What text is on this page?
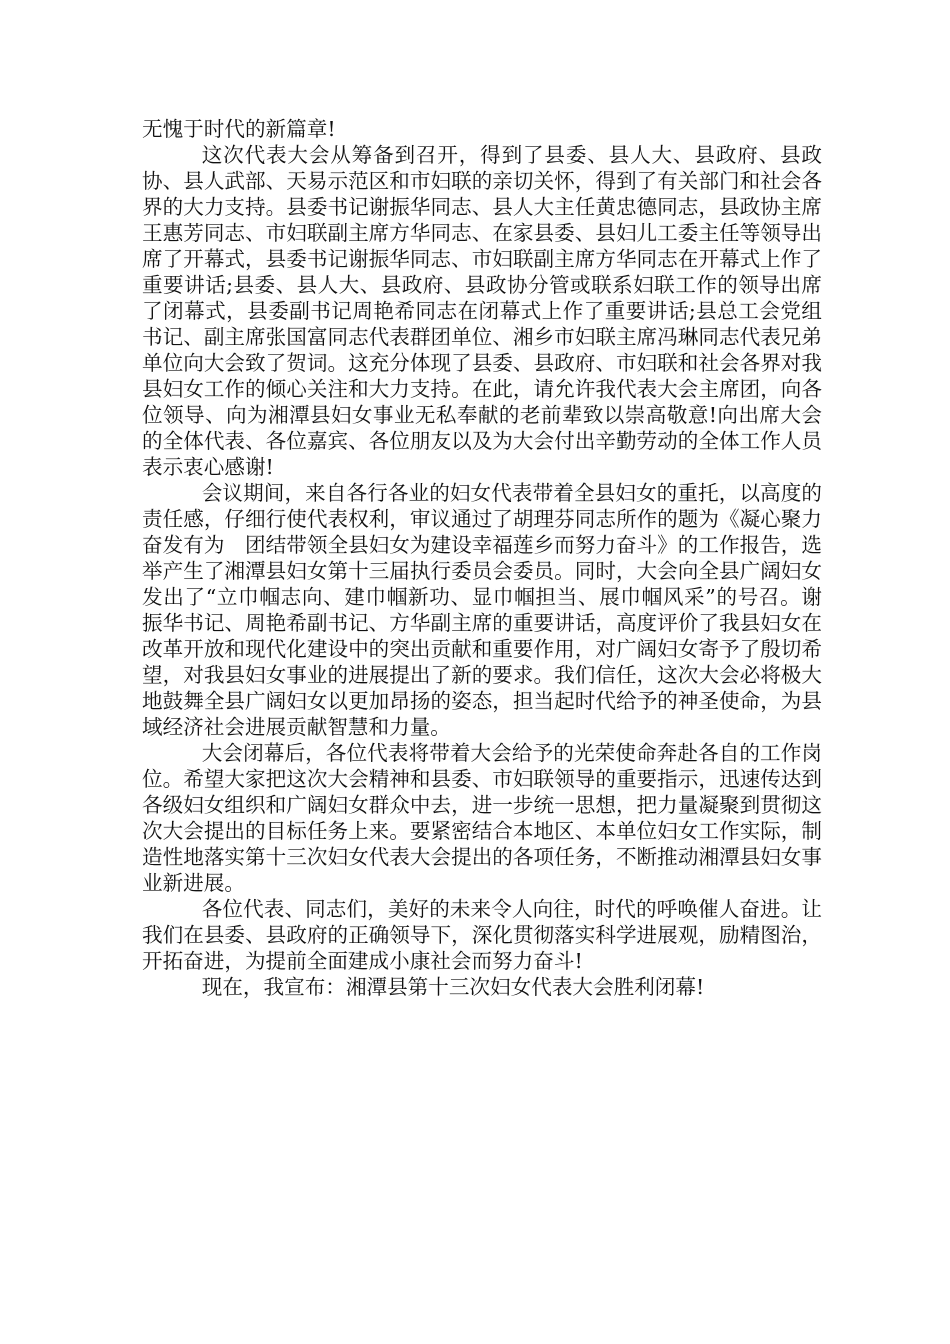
无愧于时代的新篇章!

这次代表大会从筹备到召开，得到了县委、县人大、县政府、县政协、县人武部、天易示范区和市妇联的亲切关怀，得到了有关部门和社会各界的大力支持。县委书记谢振华同志、县人大主任黄忠德同志，县政协主席王惠芳同志、市妇联副主席方华同志、在家县委、县妇儿工委主任等领导出席了开幕式，县委书记谢振华同志、市妇联副主席方华同志在开幕式上作了重要讲话;县委、县人大、县政府、县政协分管或联系妇联工作的领导出席了闭幕式，县委副书记周艳希同志在闭幕式上作了重要讲话;县总工会党组书记、副主席张国富同志代表群团单位、湘乡市妇联主席冯琳同志代表兄弟单位向大会致了贺词。这充分体现了县委、县政府、市妇联和社会各界对我县妇女工作的倾心关注和大力支持。在此，请允许我代表大会主席团，向各位领导、向为湘潭县妇女事业无私奉献的老前辈致以崇高敬意!向出席大会的全体代表、各位嘉宾、各位朋友以及为大会付出辛勤劳动的全体工作人员表示衷心感谢!

会议期间，来自各行各业的妇女代表带着全县妇女的重托，以高度的责任感，仔细行使代表权利，审议通过了胡理芬同志所作的题为《凝心聚力　奋发有为　团结带领全县妇女为建设幸福莲乡而努力奋斗》的工作报告，选举产生了湘潭县妇女第十三届执行委员会委员。同时，大会向全县广阔妇女发出了“立巾帼志向、建巾帼新功、显巾帼担当、展巾帼风采”的号召。谢振华书记、周艳希副书记、方华副主席的重要讲话，高度评价了我县妇女在改革开放和现代化建设中的突出贡献和重要作用，对广阔妇女寄予了殷切希望，对我县妇女事业的进展提出了新的要求。我们信任，这次大会必将极大地鼓舞全县广阔妇女以更加昂扬的姿态，担当起时代给予的神圣使命，为县域经济社会进展贡献智慧和力量。

大会闭幕后，各位代表将带着大会给予的光荣使命奔赴各自的工作岗位。希望大家把这次大会精神和县委、市妇联领导的重要指示，迅速传达到各级妇女组织和广阔妇女群众中去，进一步统一思想，把力量凝聚到贯彻这次大会提出的目标任务上来。要紧密结合本地区、本单位妇女工作实际，制造性地落实第十三次妇女代表大会提出的各项任务，不断推动湘潭县妇女事业新进展。

各位代表、同志们，美好的未来令人向往，时代的呼唤催人奋进。让我们在县委、县政府的正确领导下，深化贯彻落实科学进展观，励精图治，开拓奋进，为提前全面建成小康社会而努力奋斗!

现在，我宣布：湘潭县第十三次妇女代表大会胜利闭幕!
